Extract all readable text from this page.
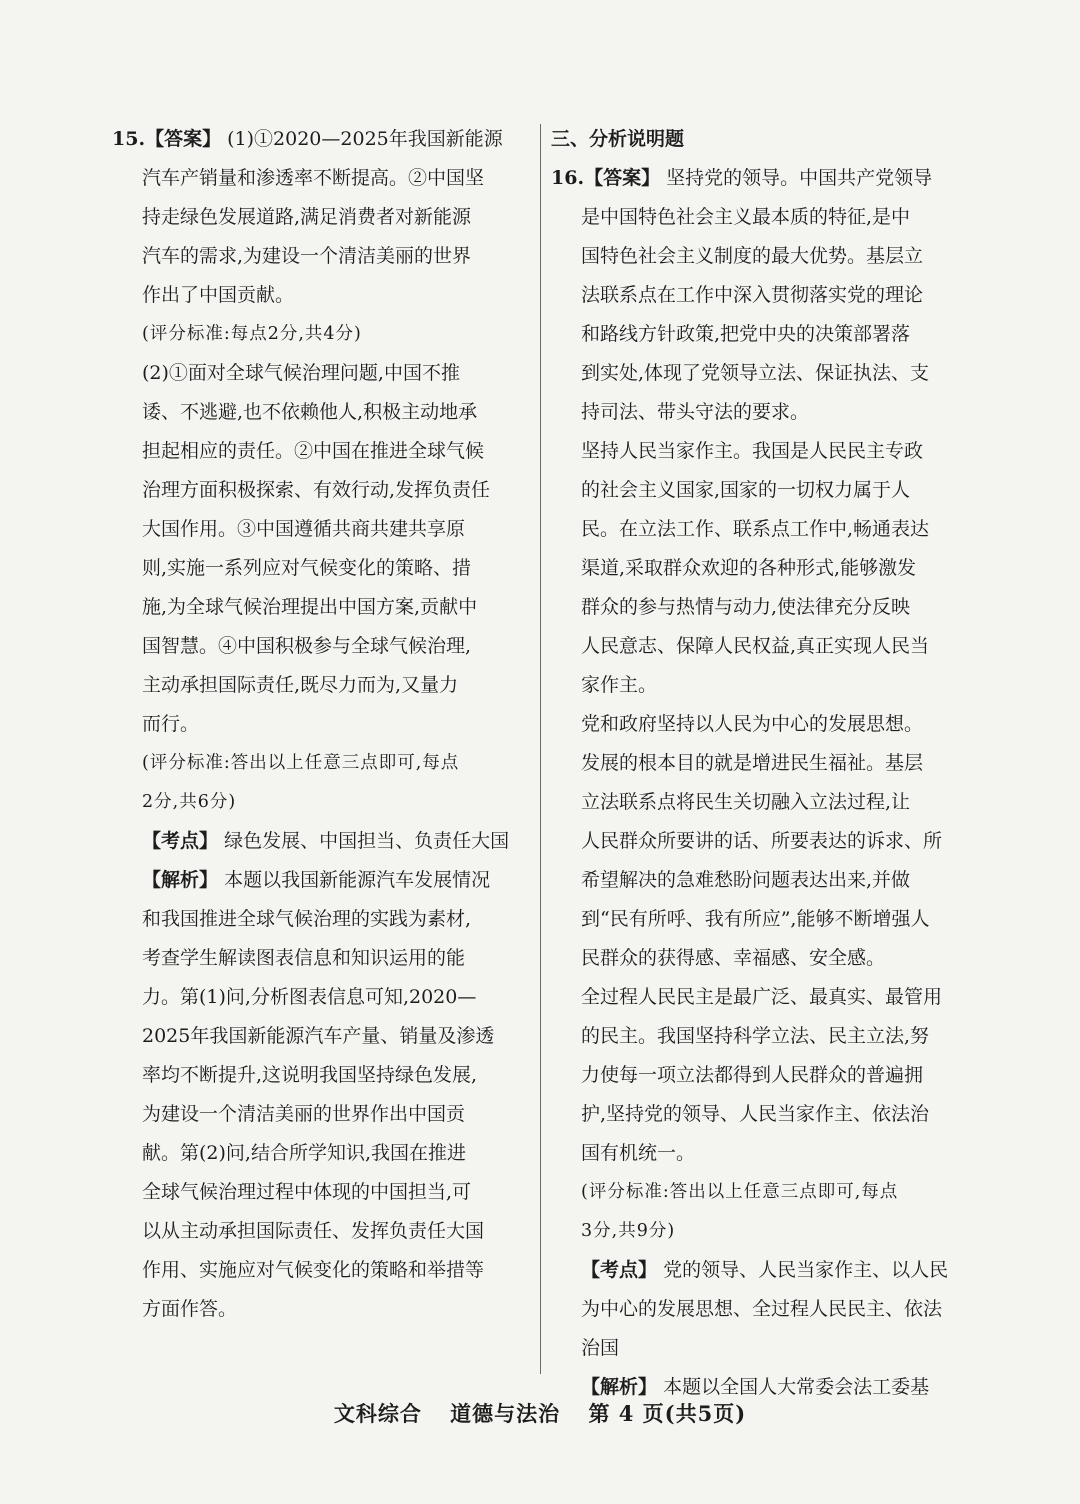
15.【答案】 (1)①2020—2025年我国新能源
汽车产销量和渗透率不断提高。②中国坚
持走绿色发展道路,满足消费者对新能源
汽车的需求,为建设一个清洁美丽的世界
作出了中国贡献。
(评分标准:每点2分,共4分)
(2)①面对全球气候治理问题,中国不推
诿、不逃避,也不依赖他人,积极主动地承
担起相应的责任。②中国在推进全球气候
治理方面积极探索、有效行动,发挥负责任
大国作用。③中国遵循共商共建共享原
则,实施一系列应对气候变化的策略、措
施,为全球气候治理提出中国方案,贡献中
国智慧。④中国积极参与全球气候治理,
主动承担国际责任,既尽力而为,又量力
而行。
(评分标准:答出以上任意三点即可,每点
2分,共6分)
【考点】 绿色发展、中国担当、负责任大国
【解析】 本题以我国新能源汽车发展情况
和我国推进全球气候治理的实践为素材,
考查学生解读图表信息和知识运用的能
力。第(1)问,分析图表信息可知,2020—
2025年我国新能源汽车产量、销量及渗透
率均不断提升,这说明我国坚持绿色发展,
为建设一个清洁美丽的世界作出中国贡
献。第(2)问,结合所学知识,我国在推进
全球气候治理过程中体现的中国担当,可
以从主动承担国际责任、发挥负责任大国
作用、实施应对气候变化的策略和举措等
方面作答。
三、分析说明题
16.【答案】 坚持党的领导。中国共产党领导
是中国特色社会主义最本质的特征,是中
国特色社会主义制度的最大优势。基层立
法联系点在工作中深入贯彻落实党的理论
和路线方针政策,把党中央的决策部署落
到实处,体现了党领导立法、保证执法、支
持司法、带头守法的要求。
坚持人民当家作主。我国是人民民主专政
的社会主义国家,国家的一切权力属于人
民。在立法工作、联系点工作中,畅通表达
渠道,采取群众欢迎的各种形式,能够激发
群众的参与热情与动力,使法律充分反映
人民意志、保障人民权益,真正实现人民当
家作主。
党和政府坚持以人民为中心的发展思想。
发展的根本目的就是增进民生福祉。基层
立法联系点将民生关切融入立法过程,让
人民群众所要讲的话、所要表达的诉求、所
希望解决的急难愁盼问题表达出来,并做
到“民有所呼、我有所应”,能够不断增强人
民群众的获得感、幸福感、安全感。
全过程人民民主是最广泛、最真实、最管用
的民主。我国坚持科学立法、民主立法,努
力使每一项立法都得到人民群众的普遍拥
护,坚持党的领导、人民当家作主、依法治
国有机统一。
(评分标准:答出以上任意三点即可,每点
3分,共9分)
【考点】 党的领导、人民当家作主、以人民
为中心的发展思想、全过程人民民主、依法
治国
【解析】 本题以全国人大常委会法工委基
文科综合 道德与法治 第 4 页(共5页)
